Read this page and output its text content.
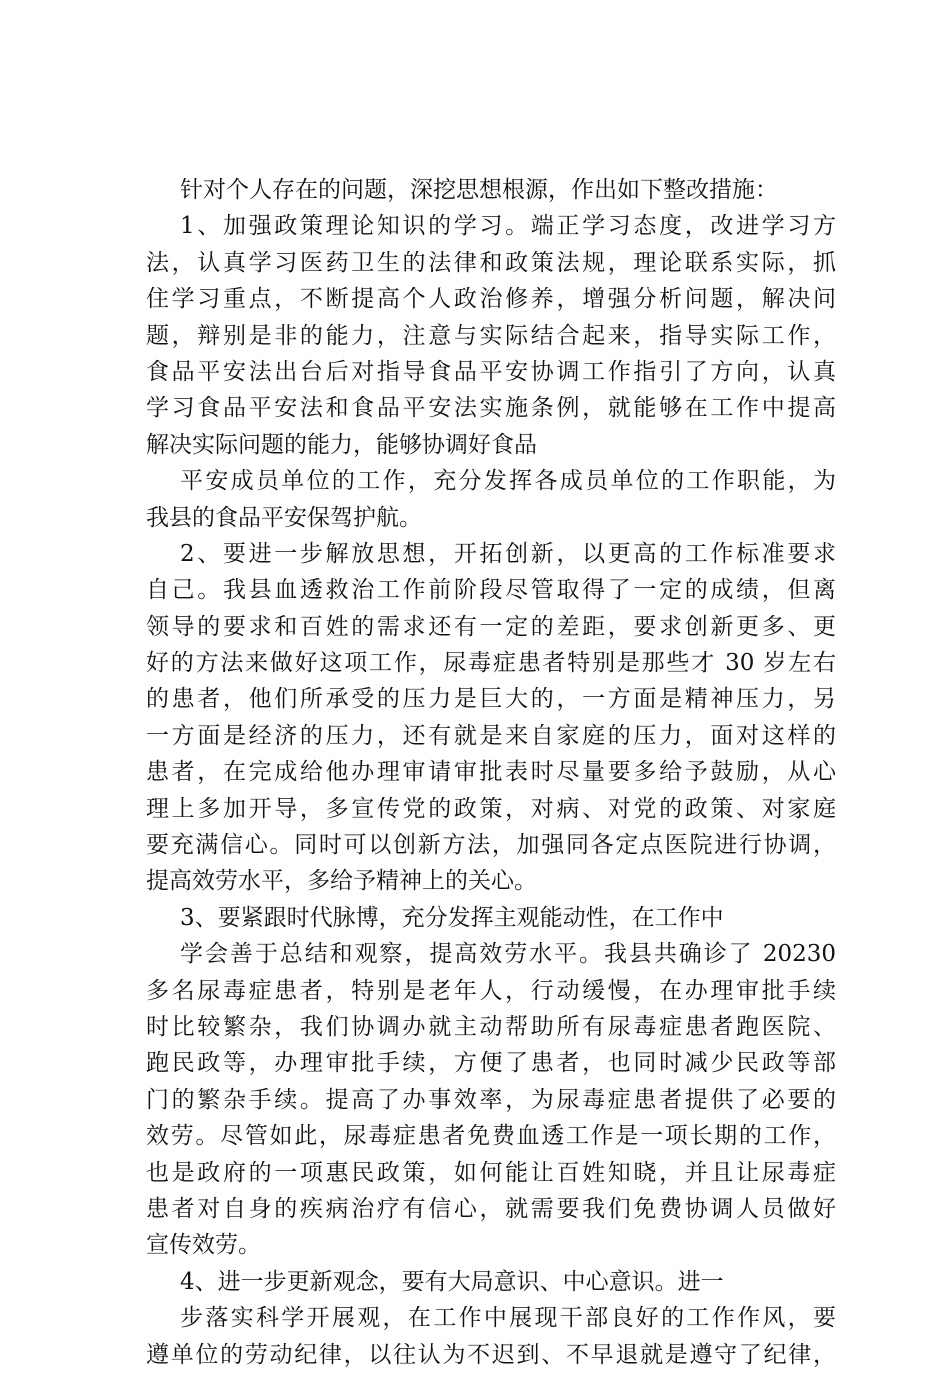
针对个人存在的问题，深挖思想根源，作出如下整改措施：
1、加强政策理论知识的学习。端正学习态度，改进学习方
法，认真学习医药卫生的法律和政策法规，理论联系实际，抓
住学习重点，不断提高个人政治修养，增强分析问题，解决问
题，辩别是非的能力，注意与实际结合起来，指导实际工作，
食品平安法出台后对指导食品平安协调工作指引了方向，认真
学习食品平安法和食品平安法实施条例，就能够在工作中提高
解决实际问题的能力，能够协调好食品
平安成员单位的工作，充分发挥各成员单位的工作职能，为
我县的食品平安保驾护航。
2、要进一步解放思想，开拓创新，以更高的工作标准要求
自己。我县血透救治工作前阶段尽管取得了一定的成绩，但离
领导的要求和百姓的需求还有一定的差距，要求创新更多、更
好的方法来做好这项工作，尿毒症患者特别是那些才 30 岁左右
的患者，他们所承受的压力是巨大的，一方面是精神压力，另
一方面是经济的压力，还有就是来自家庭的压力，面对这样的
患者，在完成给他办理审请审批表时尽量要多给予鼓励，从心
理上多加开导，多宣传党的政策，对病、对党的政策、对家庭
要充满信心。同时可以创新方法，加强同各定点医院进行协调，
提高效劳水平，多给予精神上的关心。
3、要紧跟时代脉博，充分发挥主观能动性，在工作中
学会善于总结和观察，提高效劳水平。我县共确诊了 20230
多名尿毒症患者，特别是老年人，行动缓慢，在办理审批手续
时比较繁杂，我们协调办就主动帮助所有尿毒症患者跑医院、
跑民政等，办理审批手续，方便了患者，也同时减少民政等部
门的繁杂手续。提高了办事效率，为尿毒症患者提供了必要的
效劳。尽管如此，尿毒症患者免费血透工作是一项长期的工作，
也是政府的一项惠民政策，如何能让百姓知晓，并且让尿毒症
患者对自身的疾病治疗有信心，就需要我们免费协调人员做好
宣传效劳。
4、进一步更新观念，要有大局意识、中心意识。进一
步落实科学开展观，在工作中展现干部良好的工作作风，要
遵单位的劳动纪律，以往认为不迟到、不早退就是遵守了纪律，
